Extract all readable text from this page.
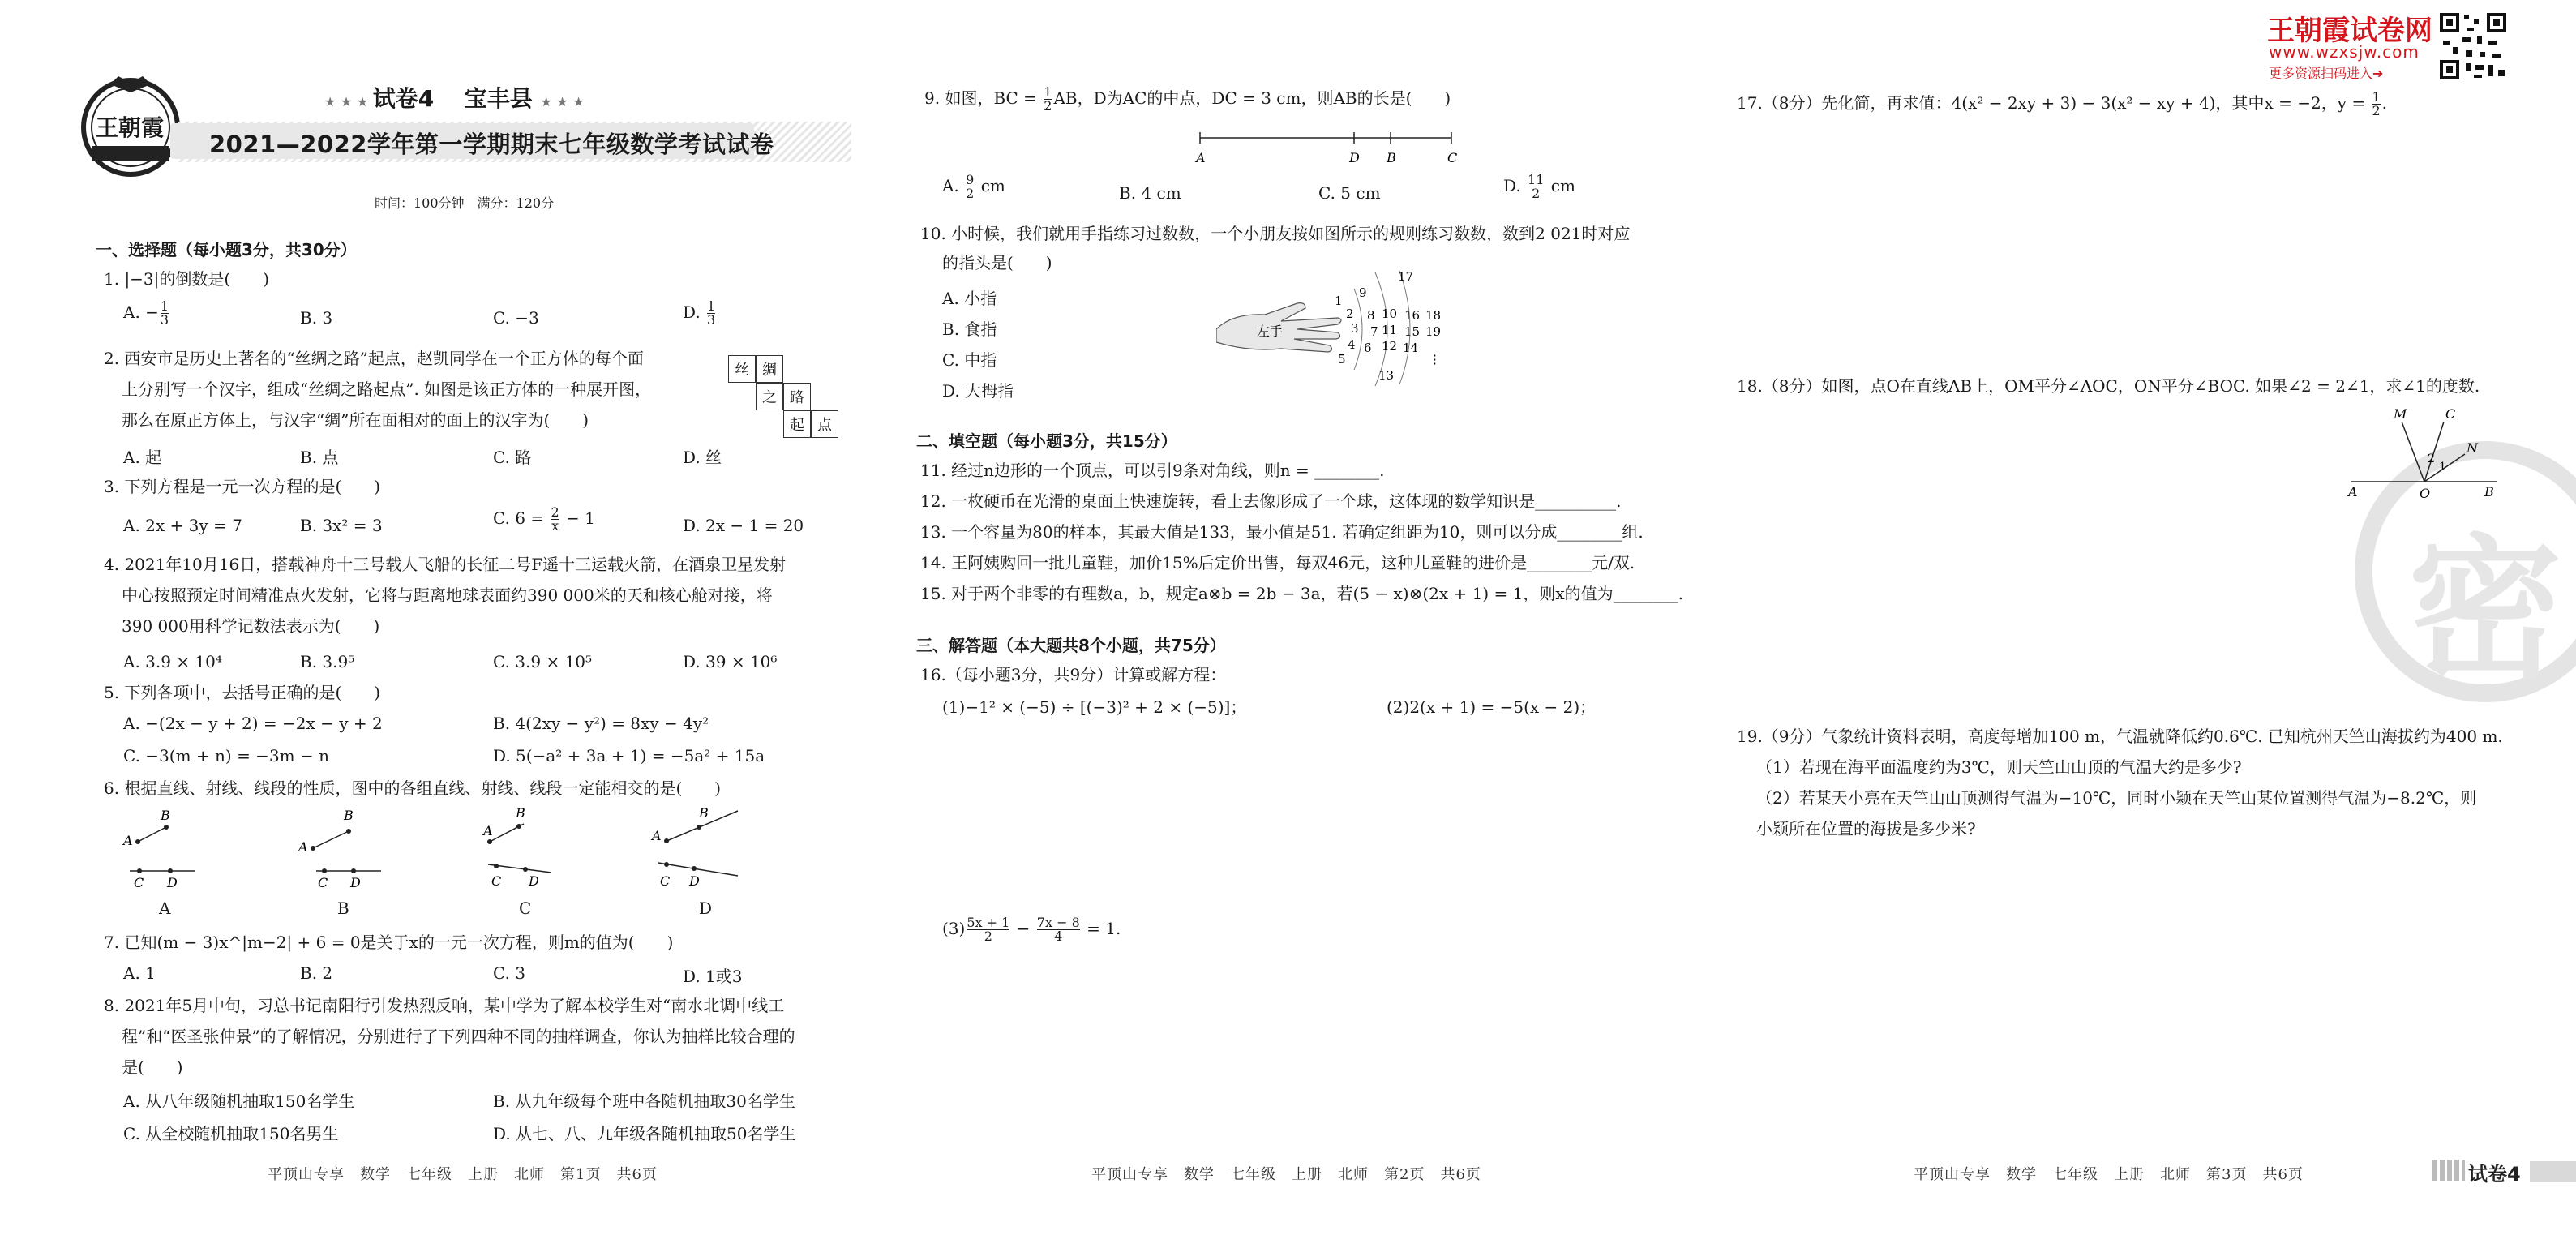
王朝霞
★ ★ ★ 试卷4 宝丰县 ★ ★ ★
2021—2022学年第一学期期末七年级数学考试试卷
时间：100分钟　满分：120分
一、选择题（每小题3分，共30分）
1. |−3|的倒数是(　　)
A. − $\frac{1}{3}$	B. 3	C. −3	D. $\frac{1}{3}$
2. 西安市是历史上著名的“丝绸之路”起点，赵凯同学在一个正方体的每个面
上分别写一个汉字，组成“丝绸之路起点”. 如图是该正方体的一种展开图，
那么在原正方体上，与汉字“绸”所在面相对的面上的汉字为(　　)
A. 起	B. 点	C. 路	D. 丝
丝 绸
之 路
起 点
3. 下列方程是一元一次方程的是(　　)
A. 2x + 3y = 7	B. 3x² = 3	C. $6 = \frac{2}{x} - 1$	D. 2x − 1 = 20
4. 2021年10月16日，搭载神舟十三号载人飞船的长征二号F遥十三运载火箭，在酒泉卫星发射
中心按照预定时间精准点火发射，它将与距离地球表面约390 000米的天和核心舱对接，将
390 000用科学记数法表示为(　　)
A. 3.9 × 10⁴	B. 3.9⁵	C. 3.9 × 10⁵	D. 39 × 10⁶
5. 下列各项中，去括号正确的是(　　)
A. −(2x − y + 2) = −2x − y + 2	B. 4(2xy − y²) = 8xy − 4y²
C. −3(m + n) = −3m − n	D. 5(−a² + 3a + 1) = −5a² + 15a
6. 根据直线、射线、线段的性质，图中的各组直线、射线、线段一定能相交的是(　　)
A
B
C D
A
B
C D
A
B
C D
A
B
C D
A	B	C	D
7. 已知(m − 3)x^|m−2| + 6 = 0是关于x的一元一次方程，则m的值为(　　)
A. 1	B. 2	C. 3	D. 1或3
8. 2021年5月中旬，习总书记南阳行引发热烈反响，某中学为了解本校学生对“南水北调中线工
程”和“医圣张仲景”的了解情况，分别进行了下列四种不同的抽样调查，你认为抽样比较合理的
是(　　)
A. 从八年级随机抽取150名学生	B. 从九年级每个班中各随机抽取30名学生
C. 从全校随机抽取150名男生	D. 从七、八、九年级各随机抽取50名学生
平顶山专享　数学　七年级　上册　北师　第1页　共6页
9. 如图，BC = $\frac{1}{2}$ AB，D为AC的中点，DC = 3 cm，则AB的长是(　　)
A	D B	C
A. $\frac{9}{2}$ cm	B. 4 cm	C. 5 cm	D. $\frac{11}{2}$ cm
10. 小时候，我们就用手指练习过数数，一个小朋友按如图所示的规则练习数数，数到2 021时对应
的指头是(　　)
A. 小指
B. 食指
C. 中指
D. 大拇指
左手
1
2
3
4
5
6
7
8
9
10
11
12
13
14
15
16
17
18
19
⋮
二、填空题（每小题3分，共15分）
11. 经过n边形的一个顶点，可以引9条对角线，则n = ________.
12. 一枚硬币在光滑的桌面上快速旋转，看上去像形成了一个球，这体现的数学知识是__________.
13. 一个容量为80的样本，其最大值是133，最小值是51. 若确定组距为10，则可以分成________组.
14. 王阿姨购回一批儿童鞋，加价15%后定价出售，每双46元，这种儿童鞋的进价是________元/双.
15. 对于两个非零的有理数a，b，规定a⊗b = 2b − 3a，若(5 − x)⊗(2x + 1) = 1，则x的值为________.
三、解答题（本大题共8个小题，共75分）
16.（每小题3分，共9分）计算或解方程：
(1)−1² × (−5) ÷ [(−3)² + 2 × (−5)]；	(2)2(x + 1) = −5(x − 2)；
$(3) \frac{5x + 1}{2} - \frac{7x - 8}{4} = 1$.
平顶山专享　数学　七年级　上册　北师　第2页　共6页
王朝霞试卷网
www.wzxsjw.com
更多资源扫码进入➔
17.（8分）先化简，再求值：4(x² − 2xy + 3) − 3(x² − xy + 4)，其中x = −2，$y = \frac{1}{2}$ .
密
18.（8分）如图，点O在直线AB上，OM平分∠AOC，ON平分∠BOC. 如果∠2 = 2∠1，求∠1的度数.
M	C
N
A	O	B
2
1
19.（9分）气象统计资料表明，高度每增加100 m，气温就降低约0.6℃. 已知杭州天竺山海拔约为400 m.
（1）若现在海平面温度约为3℃，则天竺山山顶的气温大约是多少?
（2）若某天小亮在天竺山山顶测得气温为−10℃，同时小颖在天竺山某位置测得气温为−8.2℃，则
小颖所在位置的海拔是多少米?
平顶山专享　数学　七年级　上册　北师　第3页　共6页	试卷4
